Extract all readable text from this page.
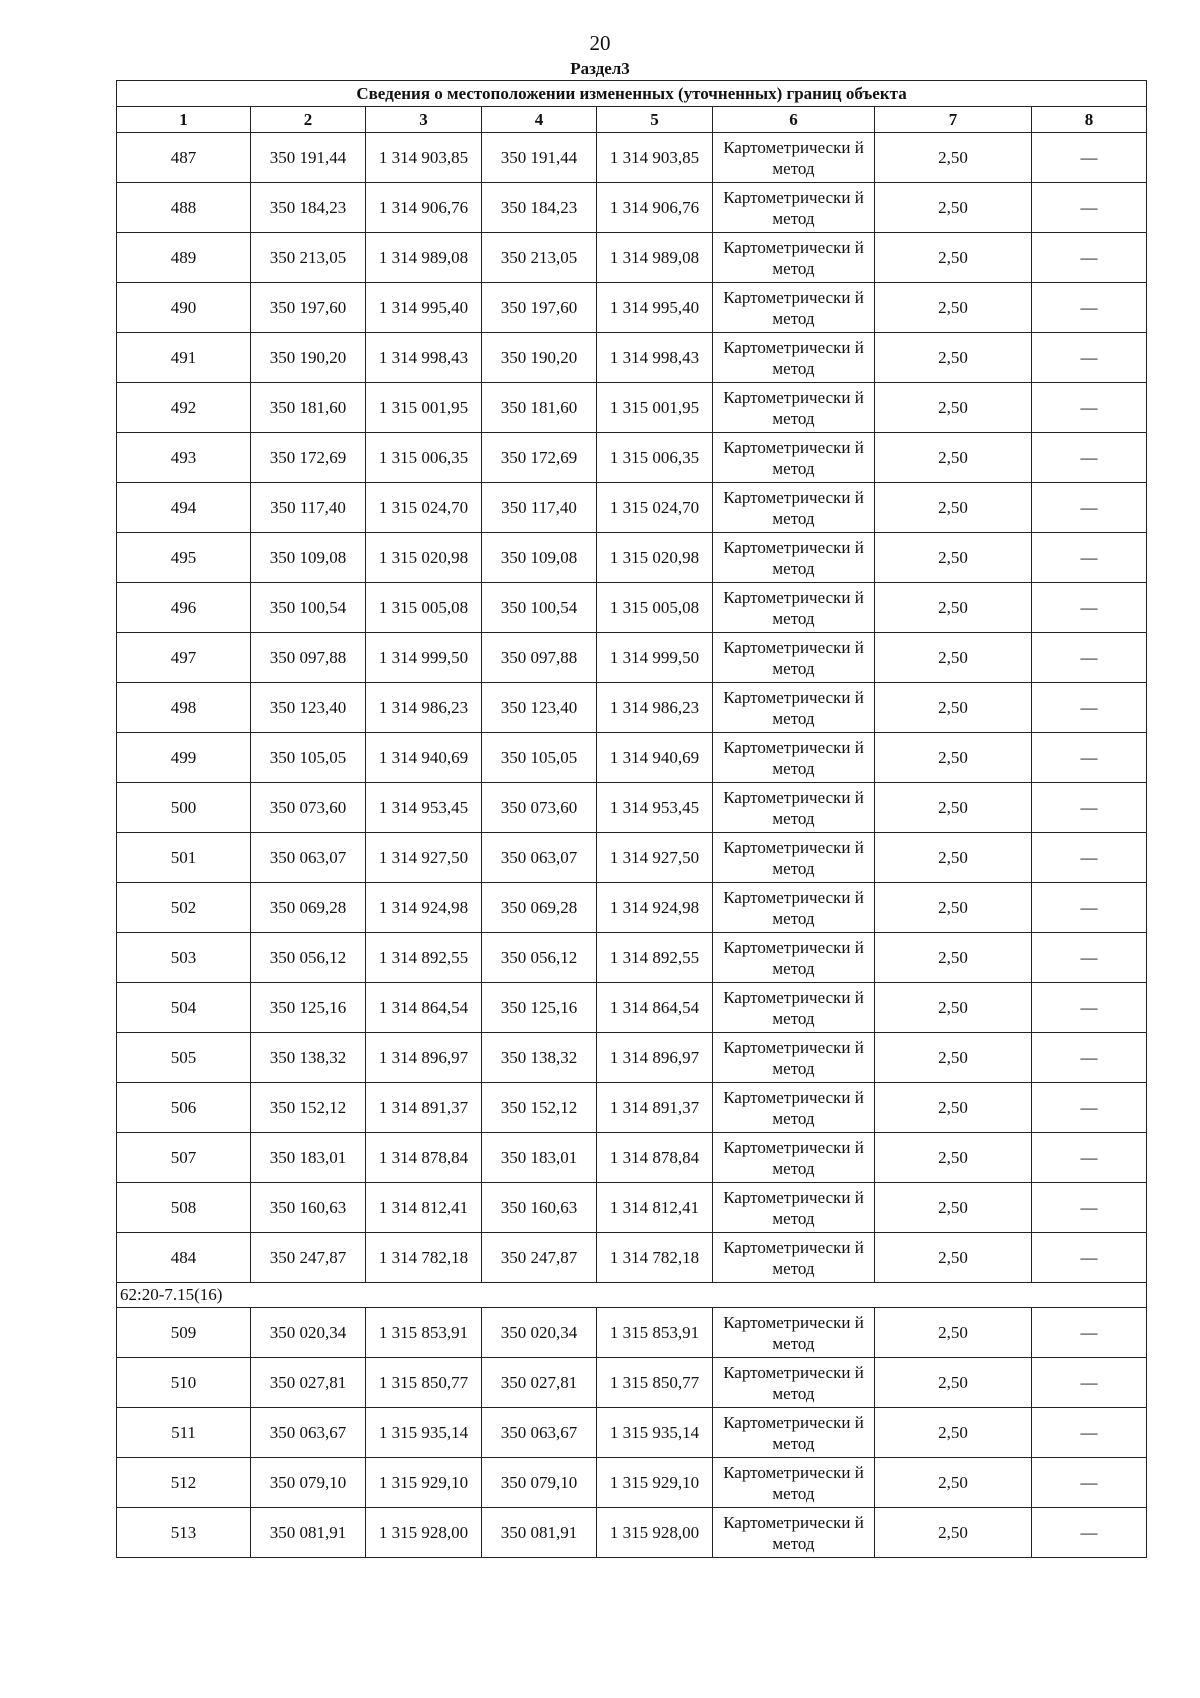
20
Раздел3
Сведения о местоположении измененных (уточненных) границ объекта							
1	2	3	4	5	6	7	8
487	350 191,44	1 314 903,85	350 191,44	1 314 903,85	Картометрически й метод	2,50	—
488	350 184,23	1 314 906,76	350 184,23	1 314 906,76	Картометрически й метод	2,50	—
489	350 213,05	1 314 989,08	350 213,05	1 314 989,08	Картометрически й метод	2,50	—
490	350 197,60	1 314 995,40	350 197,60	1 314 995,40	Картометрически й метод	2,50	—
491	350 190,20	1 314 998,43	350 190,20	1 314 998,43	Картометрически й метод	2,50	—
492	350 181,60	1 315 001,95	350 181,60	1 315 001,95	Картометрически й метод	2,50	—
493	350 172,69	1 315 006,35	350 172,69	1 315 006,35	Картометрически й метод	2,50	—
494	350 117,40	1 315 024,70	350 117,40	1 315 024,70	Картометрически й метод	2,50	—
495	350 109,08	1 315 020,98	350 109,08	1 315 020,98	Картометрически й метод	2,50	—
496	350 100,54	1 315 005,08	350 100,54	1 315 005,08	Картометрически й метод	2,50	—
497	350 097,88	1 314 999,50	350 097,88	1 314 999,50	Картометрически й метод	2,50	—
498	350 123,40	1 314 986,23	350 123,40	1 314 986,23	Картометрически й метод	2,50	—
499	350 105,05	1 314 940,69	350 105,05	1 314 940,69	Картометрически й метод	2,50	—
500	350 073,60	1 314 953,45	350 073,60	1 314 953,45	Картометрически й метод	2,50	—
501	350 063,07	1 314 927,50	350 063,07	1 314 927,50	Картометрически й метод	2,50	—
502	350 069,28	1 314 924,98	350 069,28	1 314 924,98	Картометрически й метод	2,50	—
503	350 056,12	1 314 892,55	350 056,12	1 314 892,55	Картометрически й метод	2,50	—
504	350 125,16	1 314 864,54	350 125,16	1 314 864,54	Картометрически й метод	2,50	—
505	350 138,32	1 314 896,97	350 138,32	1 314 896,97	Картометрически й метод	2,50	—
506	350 152,12	1 314 891,37	350 152,12	1 314 891,37	Картометрически й метод	2,50	—
507	350 183,01	1 314 878,84	350 183,01	1 314 878,84	Картометрически й метод	2,50	—
508	350 160,63	1 314 812,41	350 160,63	1 314 812,41	Картометрически й метод	2,50	—
484	350 247,87	1 314 782,18	350 247,87	1 314 782,18	Картометрически й метод	2,50	—
62:20-7.15(16)							
509	350 020,34	1 315 853,91	350 020,34	1 315 853,91	Картометрически й метод	2,50	—
510	350 027,81	1 315 850,77	350 027,81	1 315 850,77	Картометрически й метод	2,50	—
511	350 063,67	1 315 935,14	350 063,67	1 315 935,14	Картометрически й метод	2,50	—
512	350 079,10	1 315 929,10	350 079,10	1 315 929,10	Картометрически й метод	2,50	—
513	350 081,91	1 315 928,00	350 081,91	1 315 928,00	Картометрически й метод	2,50	—
